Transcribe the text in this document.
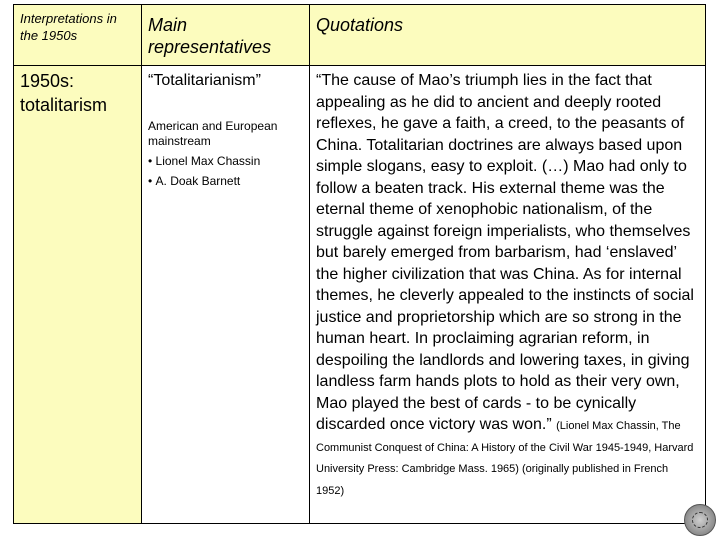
Interpretations in the 1950s
Main representatives
Quotations
1950s: totalitarism
“Totalitarianism”
American and European mainstream
• Lionel Max Chassin
• A. Doak Barnett
“The cause of Mao’s triumph lies in the fact that appealing as he did to ancient and deeply rooted reflexes, he gave a faith, a creed, to the peasants of China. Totalitarian doctrines are always based upon simple slogans, easy to exploit. (…) Mao had only to follow a beaten track. His external theme was the eternal theme of xenophobic nationalism, of the struggle against foreign imperialists, who themselves but barely emerged from barbarism, had ‘enslaved’ the higher civilization that was China. As for internal themes, he cleverly appealed to the instincts of social justice and proprietorship which are so strong in the human heart. In proclaiming agrarian reform, in despoiling the landlords and lowering taxes, in giving landless farm hands plots to hold as their very own, Mao played the best of cards - to be cynically discarded once victory was won.” (Lionel Max Chassin, The Communist Conquest of China: A History of the Civil War 1945-1949, Harvard University Press: Cambridge Mass. 1965) (originally published in French 1952)
